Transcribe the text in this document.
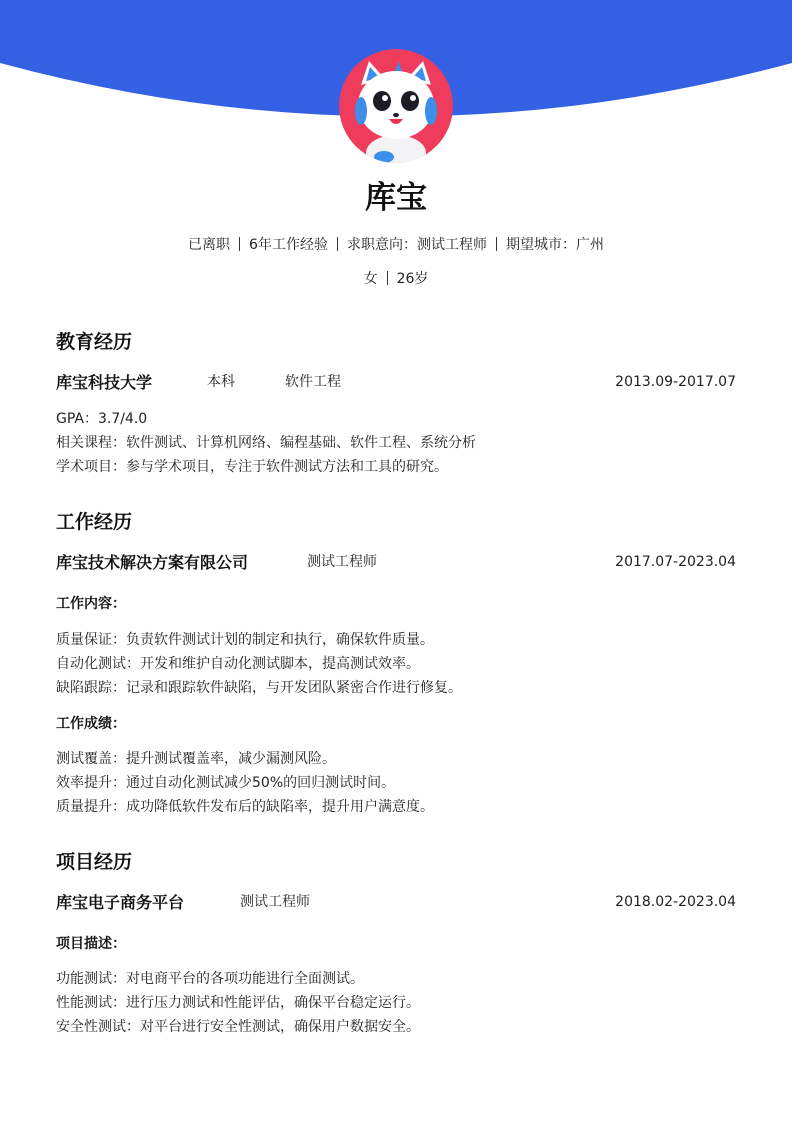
库宝
已离职 6年工作经验 求职意向：测试工程师 期望城市：广州
女 26岁
教育经历
库宝科技大学	本科	软件工程	2013.09-2017.07
GPA：3.7/4.0
相关课程：软件测试、计算机网络、编程基础、软件工程、系统分析
学术项目：参与学术项目，专注于软件测试方法和工具的研究。
工作经历
库宝技术解决方案有限公司	测试工程师	2017.07-2023.04
工作内容：
质量保证：负责软件测试计划的制定和执行，确保软件质量。
自动化测试：开发和维护自动化测试脚本，提高测试效率。
缺陷跟踪：记录和跟踪软件缺陷，与开发团队紧密合作进行修复。
工作成绩：
测试覆盖：提升测试覆盖率，减少漏测风险。
效率提升：通过自动化测试减少50%的回归测试时间。
质量提升：成功降低软件发布后的缺陷率，提升用户满意度。
项目经历
库宝电子商务平台	测试工程师	2018.02-2023.04
项目描述：
功能测试：对电商平台的各项功能进行全面测试。
性能测试：进行压力测试和性能评估，确保平台稳定运行。
安全性测试：对平台进行安全性测试，确保用户数据安全。
